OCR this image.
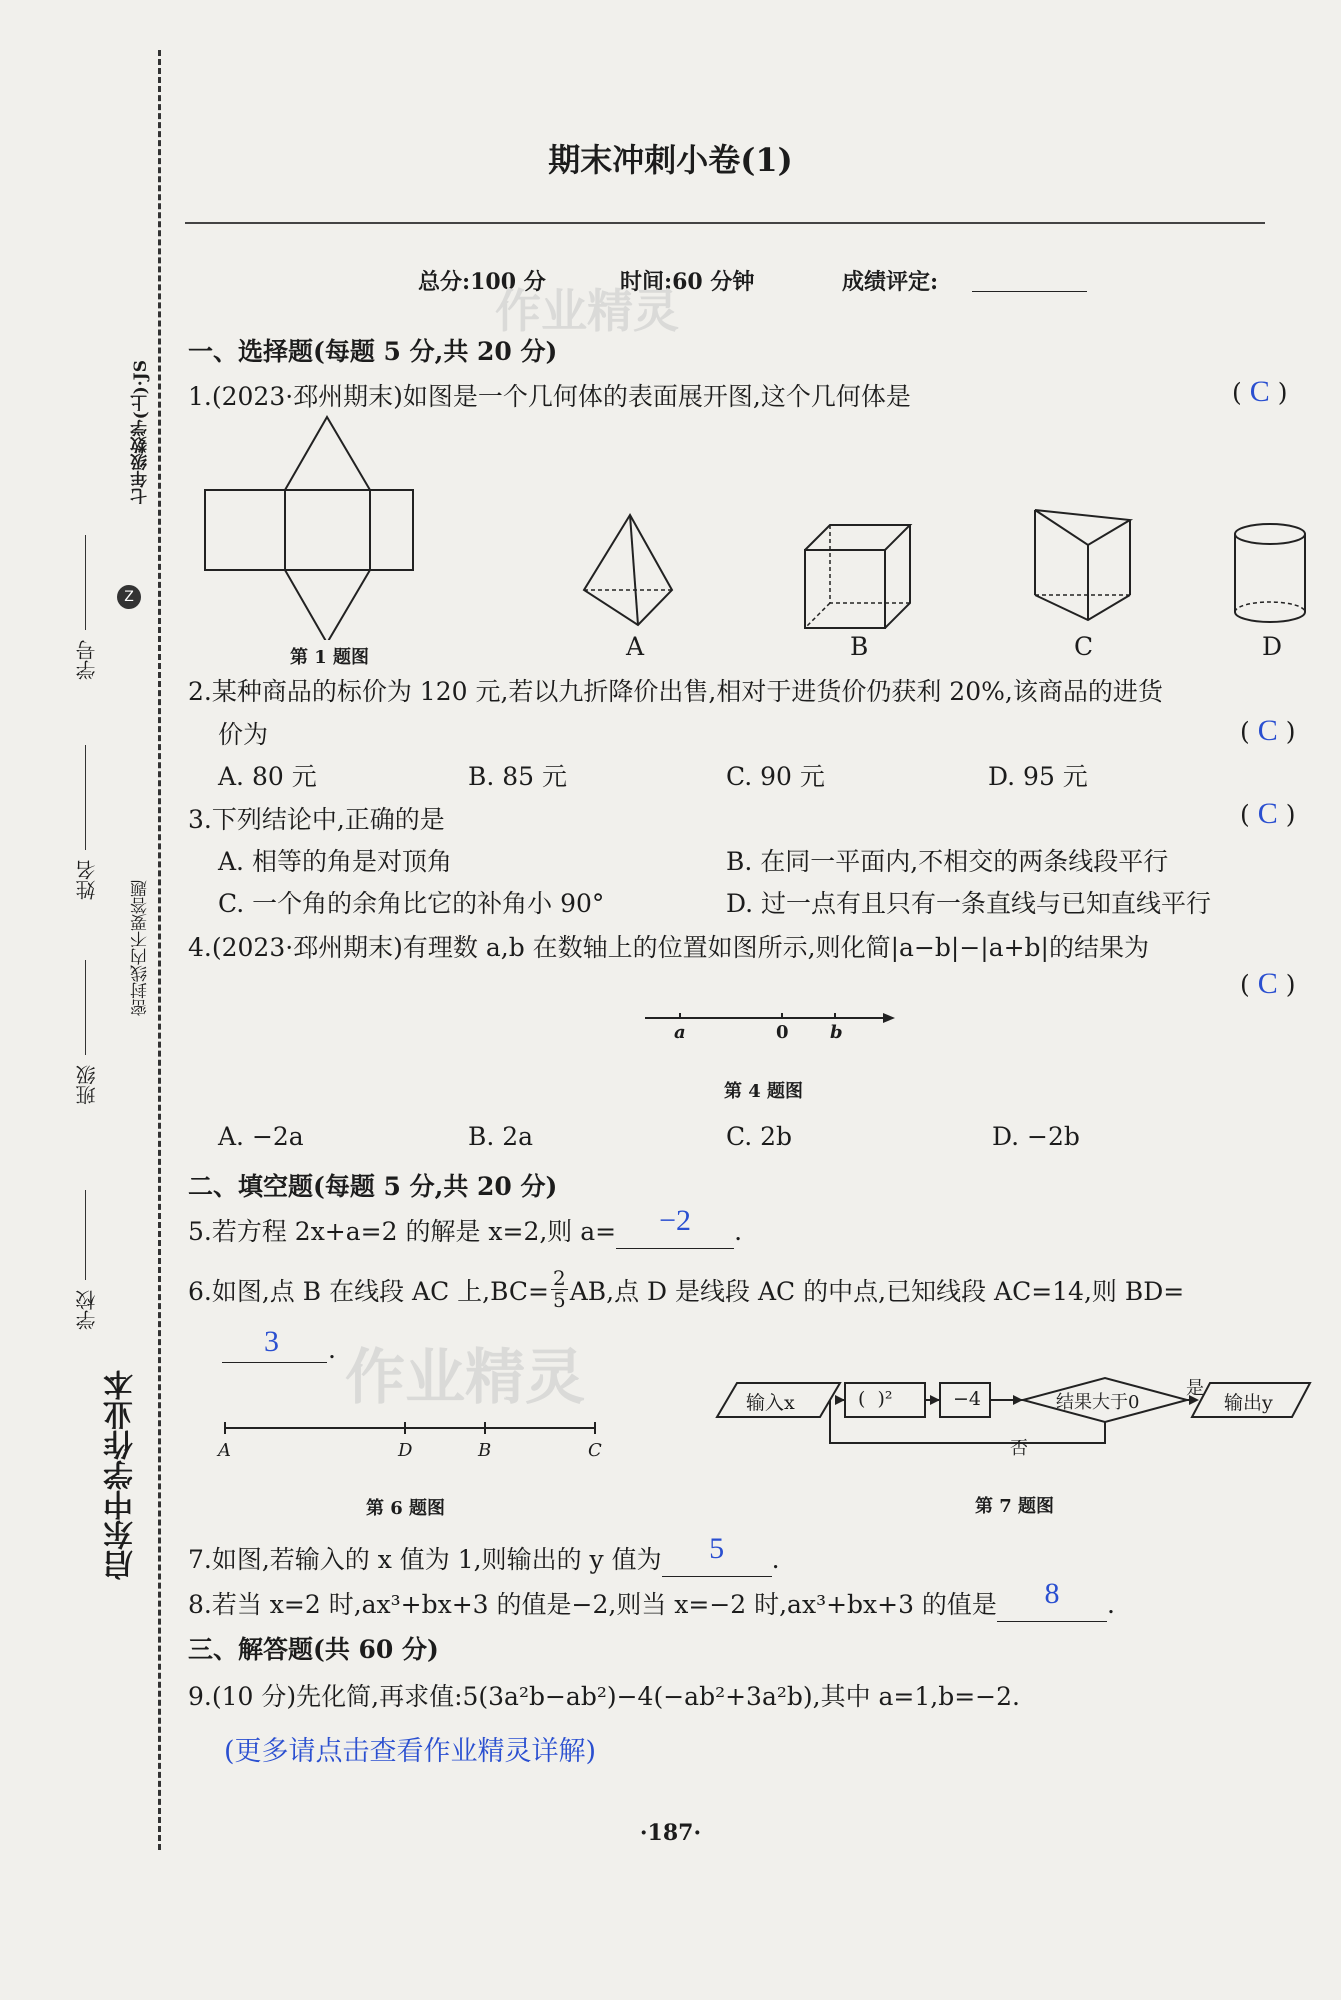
启东中学作业本
学校
班级
密封线内不要答题
姓名
Z
七年级数学(上)·JS
学号
期末冲刺小卷(1)
总分:100 分	时间:60 分钟	成绩评定:
作业精灵
一、选择题(每题 5 分,共 20 分)
1.(2023·邳州期末)如图是一个几何体的表面展开图,这个几何体是	( C )
第 1 题图	A	B	C	D
2.某种商品的标价为 120 元,若以九折降价出售,相对于进货价仍获利 20%,该商品的进货
价为	( C )
A. 80 元	B. 85 元	C. 90 元	D. 95 元
3.下列结论中,正确的是	( C )
A. 相等的角是对顶角	B. 在同一平面内,不相交的两条线段平行
C. 一个角的余角比它的补角小 90°	D. 过一点有且只有一条直线与已知直线平行
4.(2023·邳州期末)有理数 a,b 在数轴上的位置如图所示,则化简|a−b|−|a+b|的结果为
( C )
a	0 b
第 4 题图
A. −2a	B. 2a	C. 2b	D. −2b
二、填空题(每题 5 分,共 20 分)
5.若方程 2x+a=2 的解是 x=2,则 a= −2 .
6.如图,点 B 在线段 AC 上$,BC= \frac{2}{5}$ AB,点 D 是线段 AC 的中点,已知线段 AC=14,则 BD=
3 . 作业精灵
A	D	B	C
第 6 题图
输入x	(  )²	−4	结果大于0
是
输出y
否
第 7 题图
7.如图,若输入的 x 值为 1,则输出的 y 值为 5 .
8.若当 x=2 时,ax³+bx+3 的值是−2,则当 x=−2 时,ax³+bx+3 的值是 8 .
三、解答题(共 60 分)
9.(10 分)先化简,再求值:5(3a²b−ab²)−4(−ab²+3a²b),其中 a=1,b=−2.
(更多请点击查看作业精灵详解)
·187·
